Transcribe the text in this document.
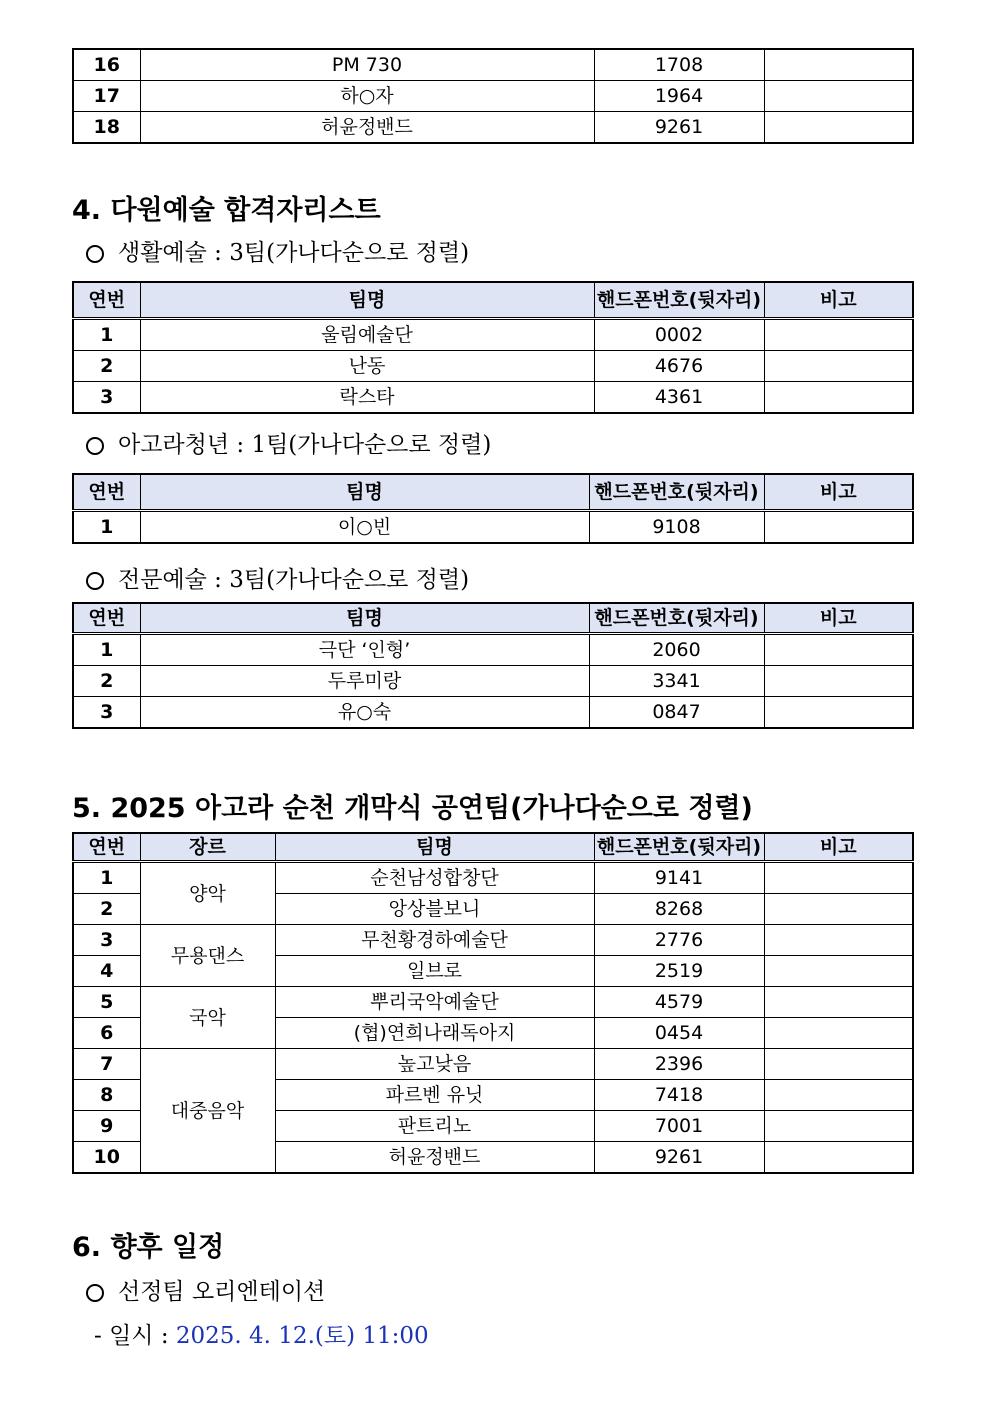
16	PM 730	1708	
17	하○자	1964	
18	허윤정밴드	9261	
4. 다원예술 합격자리스트
생활예술 : 3팀(가나다순으로 정렬)
연번	팀명	핸드폰번호(뒷자리)	비고
1	울림예술단	0002	
2	난동	4676	
3	락스타	4361	
아고라청년 : 1팀(가나다순으로 정렬)
연번	팀명	핸드폰번호(뒷자리)	비고
1	이○빈	9108	
전문예술 : 3팀(가나다순으로 정렬)
연번	팀명	핸드폰번호(뒷자리)	비고
1	극단 ‘인형’	2060	
2	두루미랑	3341	
3	유○숙	0847	
5. 2025 아고라 순천 개막식 공연팀(가나다순으로 정렬)
연번	장르	팀명	핸드폰번호(뒷자리)	비고
1	양악	순천남성합창단	9141	
2		앙상블보니	8268	
3	무용댄스	무천황경하예술단	2776	
4		일브로	2519	
5	국악	뿌리국악예술단	4579	
6		(협)연희나래독아지	0454	
7	대중음악	높고낮음	2396	
8		파르벤 유닛	7418	
9		판트리노	7001	
10		허윤정밴드	9261	
6. 향후 일정
선정팀 오리엔테이션
- 일시 : 2025. 4. 12.(토) 11:00
